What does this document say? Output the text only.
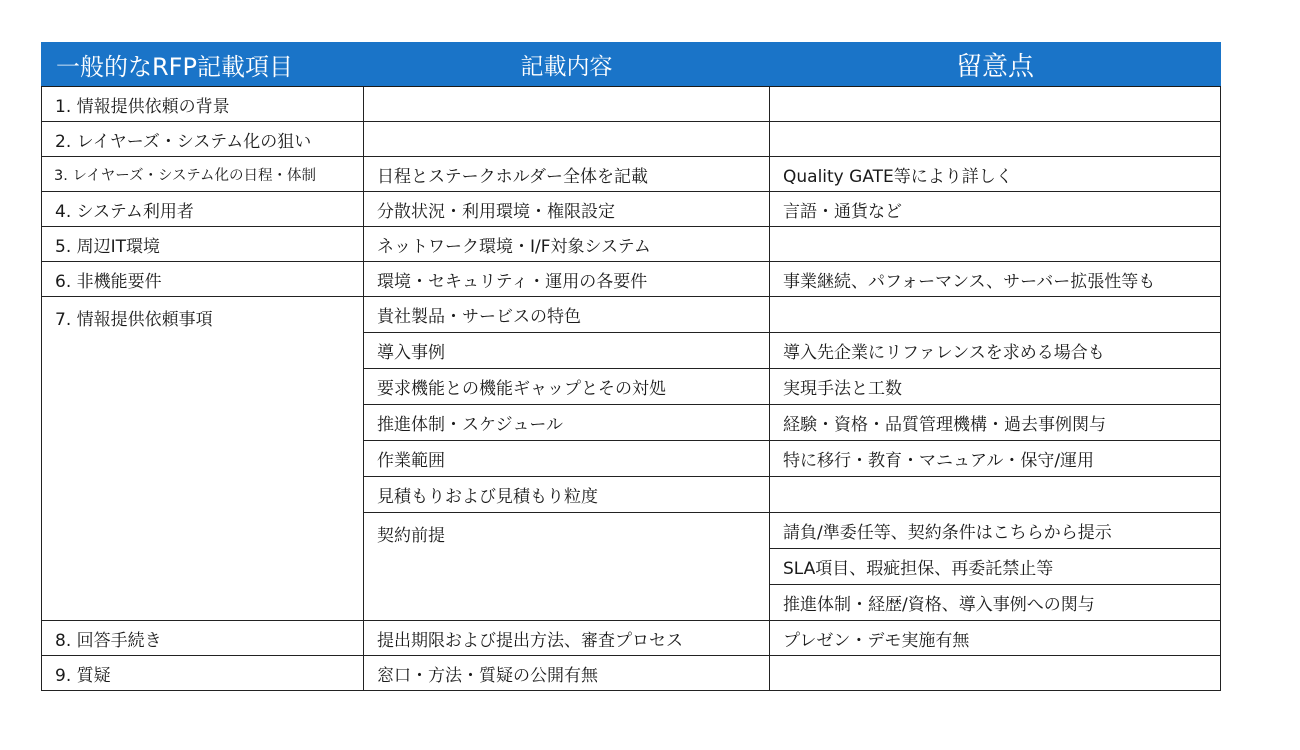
一般的なRFP記載項目	記載内容	留意点
1. 情報提供依頼の背景		
2. レイヤーズ・システム化の狙い		
3. レイヤーズ・システム化の日程・体制	日程とステークホルダー全体を記載	Quality GATE等により詳しく
4. システム利用者	分散状況・利用環境・権限設定	言語・通貨など
5. 周辺IT環境	ネットワーク環境・I/F対象システム	
6. 非機能要件	環境・セキュリティ・運用の各要件	事業継続、パフォーマンス、サーバー拡張性等も
7. 情報提供依頼事項	貴社製品・サービスの特色	
	導入事例	導入先企業にリファレンスを求める場合も
	要求機能との機能ギャップとその対処	実現手法と工数
	推進体制・スケジュール	経験・資格・品質管理機構・過去事例関与
	作業範囲	特に移行・教育・マニュアル・保守/運用
	見積もりおよび見積もり粒度	
	契約前提	請負/準委任等、契約条件はこちらから提示
		SLA項目、瑕疵担保、再委託禁止等
		推進体制・経歴/資格、導入事例への関与
8. 回答手続き	提出期限および提出方法、審査プロセス	プレゼン・デモ実施有無
9. 質疑	窓口・方法・質疑の公開有無	
